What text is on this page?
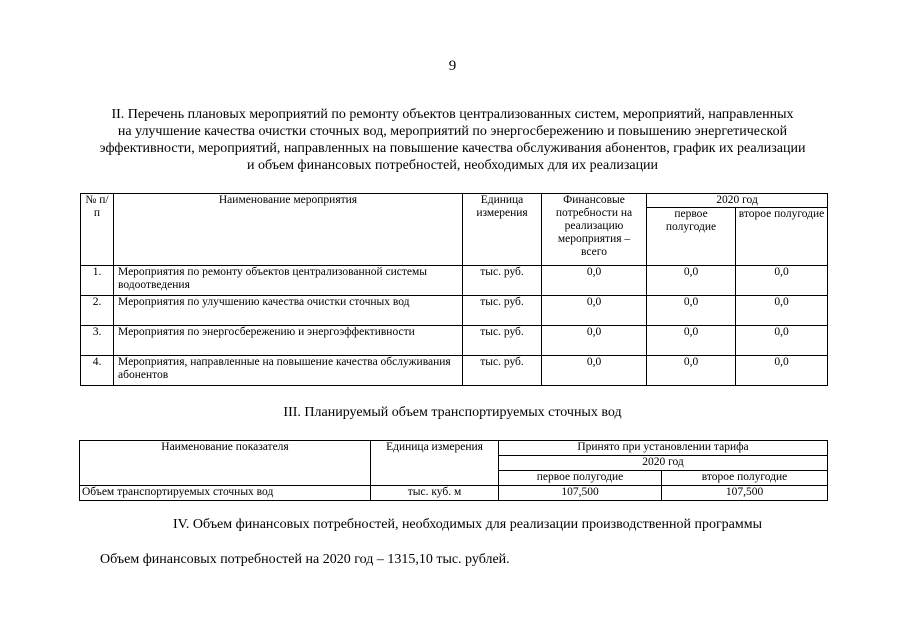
9
II. Перечень плановых мероприятий по ремонту объектов централизованных систем, мероприятий, направленных
на улучшение качества очистки сточных вод, мероприятий по энергосбережению и повышению энергетической
эффективности, мероприятий, направленных на повышение качества обслуживания абонентов, график их реализации
и объем финансовых потребностей, необходимых для их реализации
№ п/п	Наименование мероприятия	Единица измерения	Финансовые потребности на реализацию мероприятия – всего	2020 год	
				первое полугодие	второе полугодие
1.	Мероприятия по ремонту объектов централизованной системы водоотведения	тыс. руб.	0,0	0,0	0,0
2.	Мероприятия по улучшению качества очистки сточных вод	тыс. руб.	0,0	0,0	0,0
3.	Мероприятия по энергосбережению и энергоэффективности	тыс. руб.	0,0	0,0	0,0
4.	Мероприятия, направленные на повышение качества обслуживания абонентов	тыс. руб.	0,0	0,0	0,0
III. Планируемый объем транспортируемых сточных вод
Наименование показателя	Единица измерения	Принято при установлении тарифа	
		2020 год	
		первое полугодие	второе полугодие
Объем транспортируемых сточных вод	тыс. куб. м	107,500	107,500
IV. Объем финансовых потребностей, необходимых для реализации производственной программы
Объем финансовых потребностей на 2020 год – 1315,10 тыс. рублей.
